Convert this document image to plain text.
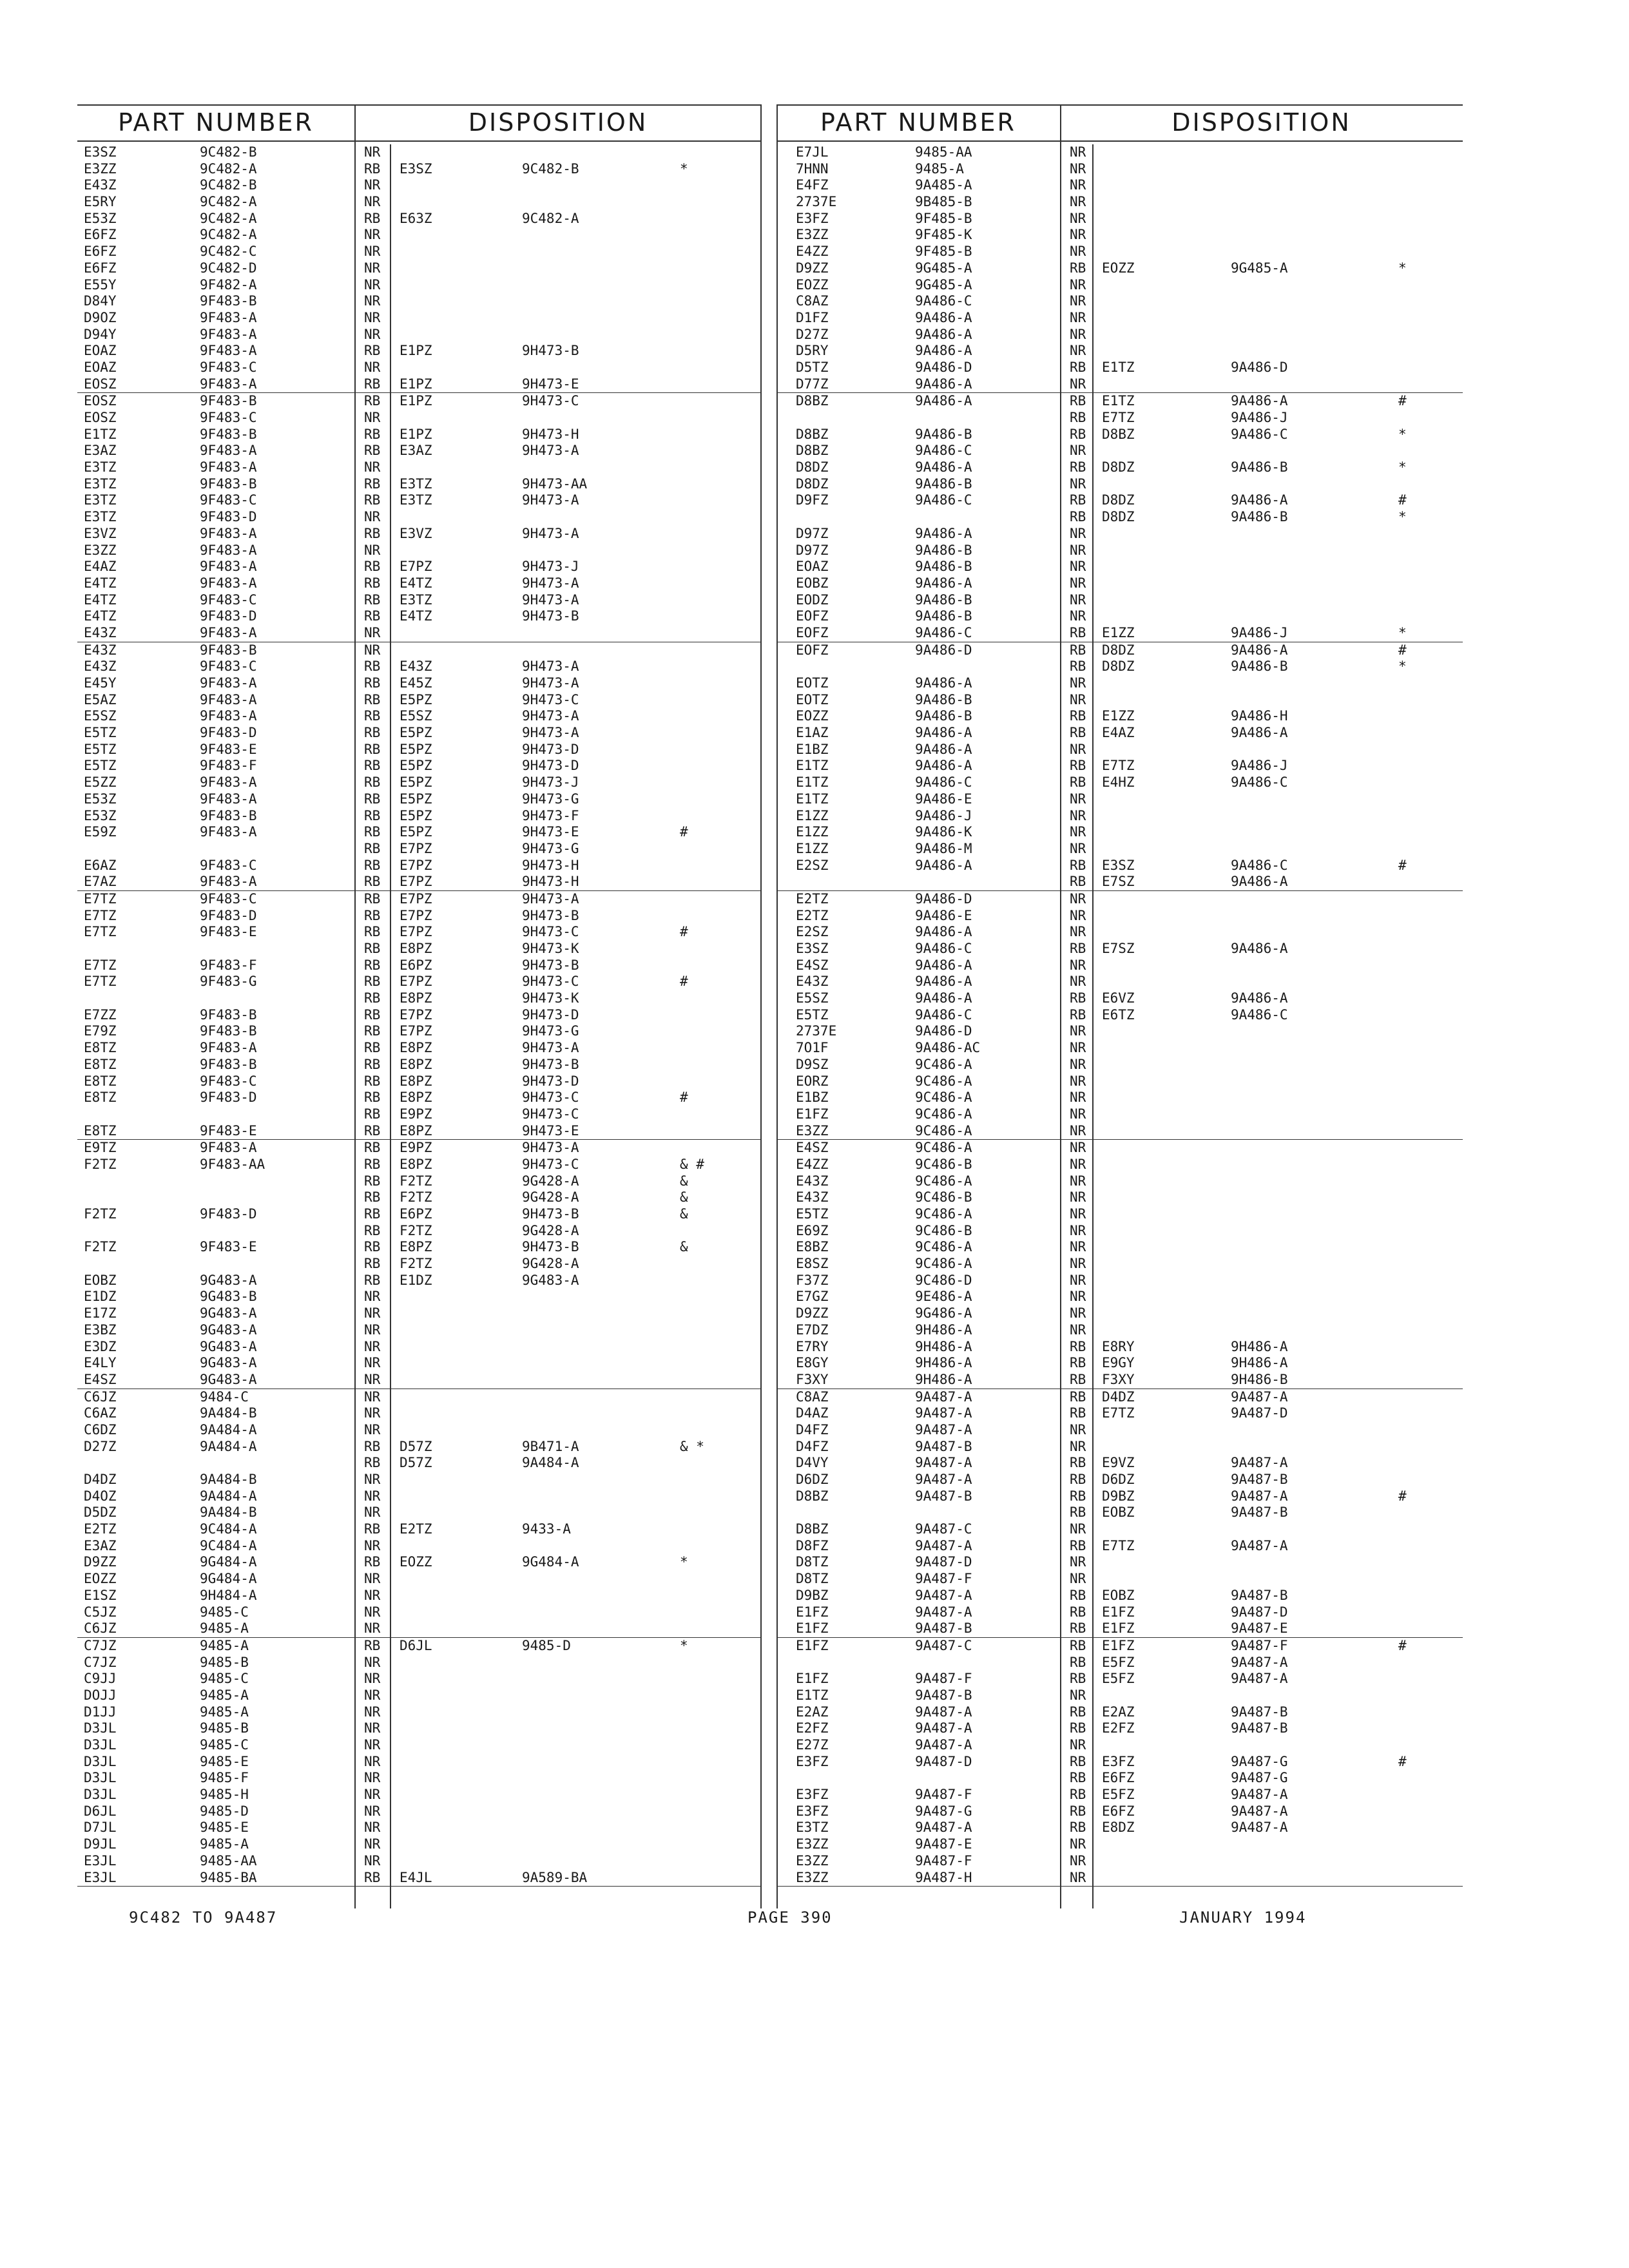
PART NUMBER	DISPOSITION
E3SZ	9C482-B	NR
E3ZZ	9C482-A	RB E3SZ	9C482-B	*
E43Z	9C482-B	NR
E5RY	9C482-A	NR
E53Z	9C482-A	RB E63Z	9C482-A
E6FZ	9C482-A	NR
E6FZ	9C482-C	NR
E6FZ	9C482-D	NR
E55Y	9F482-A	NR
D84Y	9F483-B	NR
D9OZ	9F483-A	NR
D94Y	9F483-A	NR
EOAZ	9F483-A	RB E1PZ	9H473-B
EOAZ	9F483-C	NR
EOSZ	9F483-A	RB E1PZ	9H473-E
EOSZ	9F483-B	RB E1PZ	9H473-C
EOSZ	9F483-C	NR
E1TZ	9F483-B	RB E1PZ	9H473-H
E3AZ	9F483-A	RB E3AZ	9H473-A
E3TZ	9F483-A	NR
E3TZ	9F483-B	RB E3TZ	9H473-AA
E3TZ	9F483-C	RB E3TZ	9H473-A
E3TZ	9F483-D	NR
E3VZ	9F483-A	RB E3VZ	9H473-A
E3ZZ	9F483-A	NR
E4AZ	9F483-A	RB E7PZ	9H473-J
E4TZ	9F483-A	RB E4TZ	9H473-A
E4TZ	9F483-C	RB E3TZ	9H473-A
E4TZ	9F483-D	RB E4TZ	9H473-B
E43Z	9F483-A	NR
E43Z	9F483-B	NR
E43Z	9F483-C	RB E43Z	9H473-A
E45Y	9F483-A	RB E45Z	9H473-A
E5AZ	9F483-A	RB E5PZ	9H473-C
E5SZ	9F483-A	RB E5SZ	9H473-A
E5TZ	9F483-D	RB E5PZ	9H473-A
E5TZ	9F483-E	RB E5PZ	9H473-D
E5TZ	9F483-F	RB E5PZ	9H473-D
E5ZZ	9F483-A	RB E5PZ	9H473-J
E53Z	9F483-A	RB E5PZ	9H473-G
E53Z	9F483-B	RB E5PZ	9H473-F
E59Z	9F483-A	RB E5PZ	9H473-E	#
RB E7PZ	9H473-G
E6AZ	9F483-C	RB E7PZ	9H473-H
E7AZ	9F483-A	RB E7PZ	9H473-H
E7TZ	9F483-C	RB E7PZ	9H473-A
E7TZ	9F483-D	RB E7PZ	9H473-B
E7TZ	9F483-E	RB E7PZ	9H473-C	#
RB E8PZ	9H473-K
E7TZ	9F483-F	RB E6PZ	9H473-B
E7TZ	9F483-G	RB E7PZ	9H473-C	#
RB E8PZ	9H473-K
E7ZZ	9F483-B	RB E7PZ	9H473-D
E79Z	9F483-B	RB E7PZ	9H473-G
E8TZ	9F483-A	RB E8PZ	9H473-A
E8TZ	9F483-B	RB E8PZ	9H473-B
E8TZ	9F483-C	RB E8PZ	9H473-D
E8TZ	9F483-D	RB E8PZ	9H473-C	#
RB E9PZ	9H473-C
E8TZ	9F483-E	RB E8PZ	9H473-E
E9TZ	9F483-A	RB E9PZ	9H473-A
F2TZ	9F483-AA	RB E8PZ	9H473-C	& #
RB F2TZ	9G428-A	&
RB F2TZ	9G428-A	&
F2TZ	9F483-D	RB E6PZ	9H473-B	&
RB F2TZ	9G428-A
F2TZ	9F483-E	RB E8PZ	9H473-B	&
RB F2TZ	9G428-A
EOBZ	9G483-A	RB E1DZ	9G483-A
E1DZ	9G483-B	NR
E17Z	9G483-A	NR
E3BZ	9G483-A	NR
E3DZ	9G483-A	NR
E4LY	9G483-A	NR
E4SZ	9G483-A	NR
C6JZ	9484-C	NR
C6AZ	9A484-B	NR
C6DZ	9A484-A	NR
D27Z	9A484-A	RB D57Z	9B471-A	& *
RB D57Z	9A484-A
D4DZ	9A484-B	NR
D4OZ	9A484-A	NR
D5DZ	9A484-B	NR
E2TZ	9C484-A	RB E2TZ	9433-A
E3AZ	9C484-A	NR
D9ZZ	9G484-A	RB EOZZ	9G484-A	*
EOZZ	9G484-A	NR
E1SZ	9H484-A	NR
C5JZ	9485-C	NR
C6JZ	9485-A	NR
C7JZ	9485-A	RB D6JL	9485-D	*
C7JZ	9485-B	NR
C9JJ	9485-C	NR
DOJJ	9485-A	NR
D1JJ	9485-A	NR
D3JL	9485-B	NR
D3JL	9485-C	NR
D3JL	9485-E	NR
D3JL	9485-F	NR
D3JL	9485-H	NR
D6JL	9485-D	NR
D7JL	9485-E	NR
D9JL	9485-A	NR
E3JL	9485-AA	NR
E3JL	9485-BA	RB E4JL	9A589-BA
PART NUMBER	DISPOSITION
E7JL	9485-AA	NR
7HNN	9485-A	NR
E4FZ	9A485-A	NR
2737E	9B485-B	NR
E3FZ	9F485-B	NR
E3ZZ	9F485-K	NR
E4ZZ	9F485-B	NR
D9ZZ	9G485-A	RB EOZZ	9G485-A	*
EOZZ	9G485-A	NR
C8AZ	9A486-C	NR
D1FZ	9A486-A	NR
D27Z	9A486-A	NR
D5RY	9A486-A	NR
D5TZ	9A486-D	RB E1TZ	9A486-D
D77Z	9A486-A	NR
D8BZ	9A486-A	RB E1TZ	9A486-A	#
RB E7TZ	9A486-J
D8BZ	9A486-B	RB D8BZ	9A486-C	*
D8BZ	9A486-C	NR
D8DZ	9A486-A	RB D8DZ	9A486-B	*
D8DZ	9A486-B	NR
D9FZ	9A486-C	RB D8DZ	9A486-A	#
RB D8DZ	9A486-B	*
D97Z	9A486-A	NR
D97Z	9A486-B	NR
EOAZ	9A486-B	NR
EOBZ	9A486-A	NR
EODZ	9A486-B	NR
EOFZ	9A486-B	NR
EOFZ	9A486-C	RB E1ZZ	9A486-J	*
EOFZ	9A486-D	RB D8DZ	9A486-A	#
RB D8DZ	9A486-B	*
EOTZ	9A486-A	NR
EOTZ	9A486-B	NR
EOZZ	9A486-B	RB E1ZZ	9A486-H
E1AZ	9A486-A	RB E4AZ	9A486-A
E1BZ	9A486-A	NR
E1TZ	9A486-A	RB E7TZ	9A486-J
E1TZ	9A486-C	RB E4HZ	9A486-C
E1TZ	9A486-E	NR
E1ZZ	9A486-J	NR
E1ZZ	9A486-K	NR
E1ZZ	9A486-M	NR
E2SZ	9A486-A	RB E3SZ	9A486-C	#
RB E7SZ	9A486-A
E2TZ	9A486-D	NR
E2TZ	9A486-E	NR
E2SZ	9A486-A	NR
E3SZ	9A486-C	RB E7SZ	9A486-A
E4SZ	9A486-A	NR
E43Z	9A486-A	NR
E5SZ	9A486-A	RB E6VZ	9A486-A
E5TZ	9A486-C	RB E6TZ	9A486-C
2737E	9A486-D	NR
7O1F	9A486-AC	NR
D9SZ	9C486-A	NR
EORZ	9C486-A	NR
E1BZ	9C486-A	NR
E1FZ	9C486-A	NR
E3ZZ	9C486-A	NR
E4SZ	9C486-A	NR
E4ZZ	9C486-B	NR
E43Z	9C486-A	NR
E43Z	9C486-B	NR
E5TZ	9C486-A	NR
E69Z	9C486-B	NR
E8BZ	9C486-A	NR
E8SZ	9C486-A	NR
F37Z	9C486-D	NR
E7GZ	9E486-A	NR
D9ZZ	9G486-A	NR
E7DZ	9H486-A	NR
E7RY	9H486-A	RB E8RY	9H486-A
E8GY	9H486-A	RB E9GY	9H486-A
F3XY	9H486-A	RB F3XY	9H486-B
C8AZ	9A487-A	RB D4DZ	9A487-A
D4AZ	9A487-A	RB E7TZ	9A487-D
D4FZ	9A487-A	NR
D4FZ	9A487-B	NR
D4VY	9A487-A	RB E9VZ	9A487-A
D6DZ	9A487-A	RB D6DZ	9A487-B
D8BZ	9A487-B	RB D9BZ	9A487-A	#
RB EOBZ	9A487-B
D8BZ	9A487-C	NR
D8FZ	9A487-A	RB E7TZ	9A487-A
D8TZ	9A487-D	NR
D8TZ	9A487-F	NR
D9BZ	9A487-A	RB EOBZ	9A487-B
E1FZ	9A487-A	RB E1FZ	9A487-D
E1FZ	9A487-B	RB E1FZ	9A487-E
E1FZ	9A487-C	RB E1FZ	9A487-F	#
RB E5FZ	9A487-A
E1FZ	9A487-F	RB E5FZ	9A487-A
E1TZ	9A487-B	NR
E2AZ	9A487-A	RB E2AZ	9A487-B
E2FZ	9A487-A	RB E2FZ	9A487-B
E27Z	9A487-A	NR
E3FZ	9A487-D	RB E3FZ	9A487-G	#
RB E6FZ	9A487-G
E3FZ	9A487-F	RB E5FZ	9A487-A
E3FZ	9A487-G	RB E6FZ	9A487-A
E3TZ	9A487-A	RB E8DZ	9A487-A
E3ZZ	9A487-E	NR
E3ZZ	9A487-F	NR
E3ZZ	9A487-H	NR
9C482 TO 9A487	PAGE 390	JANUARY 1994
